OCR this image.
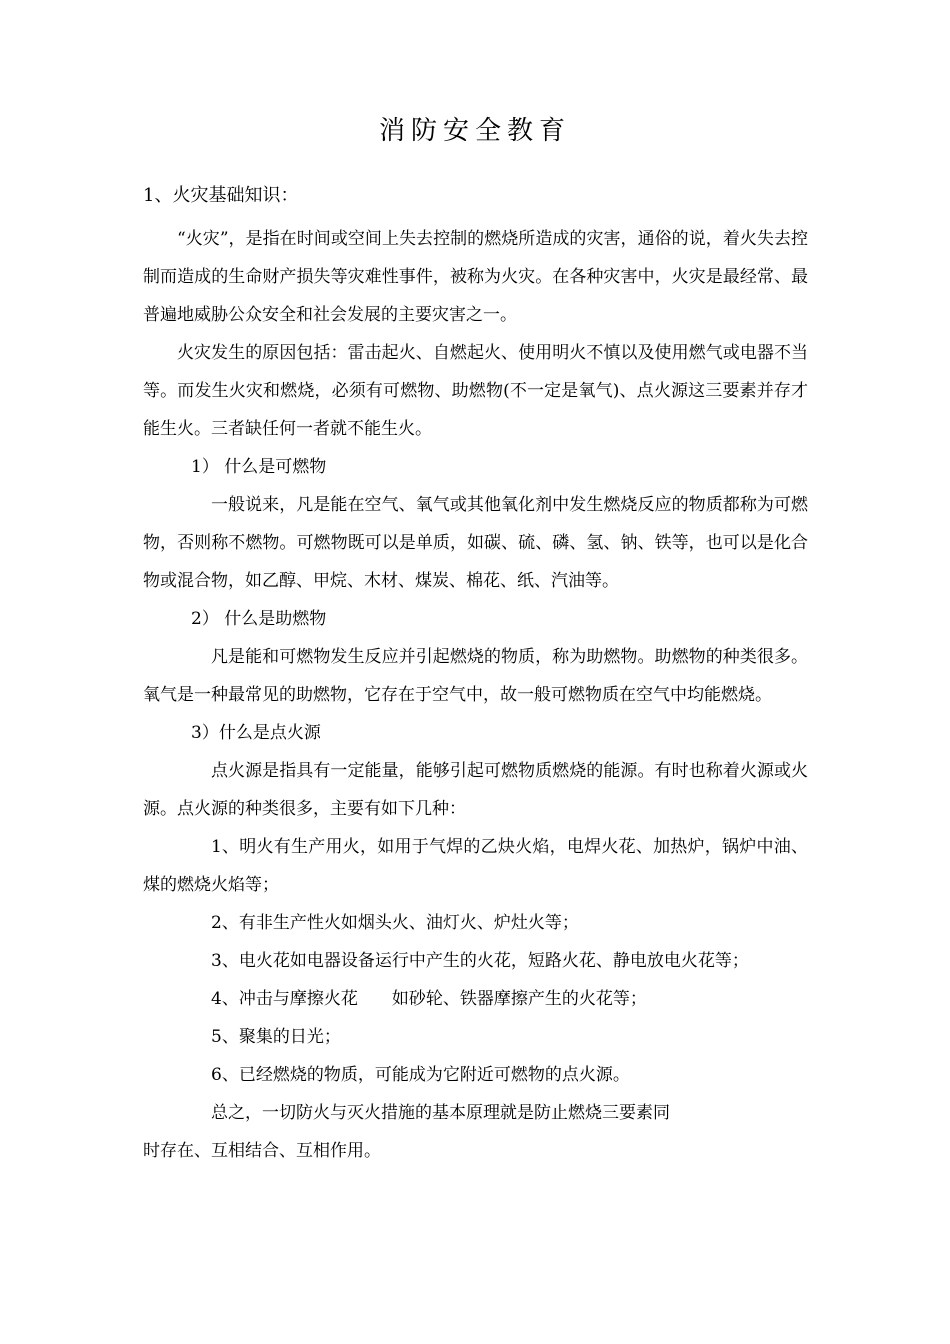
消防安全教育

1、火灾基础知识：

“火灾”，是指在时间或空间上失去控制的燃烧所造成的灾害，通俗的说，着火失去控制而造成的生命财产损失等灾难性事件，被称为火灾。在各种灾害中，火灾是最经常、最普遍地威胁公众安全和社会发展的主要灾害之一。

火灾发生的原因包括：雷击起火、自燃起火、使用明火不慎以及使用燃气或电器不当等。而发生火灾和燃烧，必须有可燃物、助燃物(不一定是氧气)、点火源这三要素并存才能生火。三者缺任何一者就不能生火。

1） 什么是可燃物

一般说来，凡是能在空气、氧气或其他氧化剂中发生燃烧反应的物质都称为可燃物，否则称不燃物。可燃物既可以是单质，如碳、硫、磷、氢、钠、铁等，也可以是化合物或混合物，如乙醇、甲烷、木材、煤炭、棉花、纸、汽油等。

2） 什么是助燃物

凡是能和可燃物发生反应并引起燃烧的物质，称为助燃物。助燃物的种类很多。氧气是一种最常见的助燃物，它存在于空气中，故一般可燃物质在空气中均能燃烧。

3）什么是点火源

点火源是指具有一定能量，能够引起可燃物质燃烧的能源。有时也称着火源或火源。点火源的种类很多，主要有如下几种：

1、明火有生产用火，如用于气焊的乙炔火焰，电焊火花、加热炉，锅炉中油、煤的燃烧火焰等；

2、有非生产性火如烟头火、油灯火、炉灶火等；

3、电火花如电器设备运行中产生的火花，短路火花、静电放电火花等；

4、冲击与摩擦火花　　如砂轮、铁器摩擦产生的火花等；

5、聚集的日光；

6、已经燃烧的物质，可能成为它附近可燃物的点火源。

总之，一切防火与灭火措施的基本原理就是防止燃烧三要素同

时存在、互相结合、互相作用。
